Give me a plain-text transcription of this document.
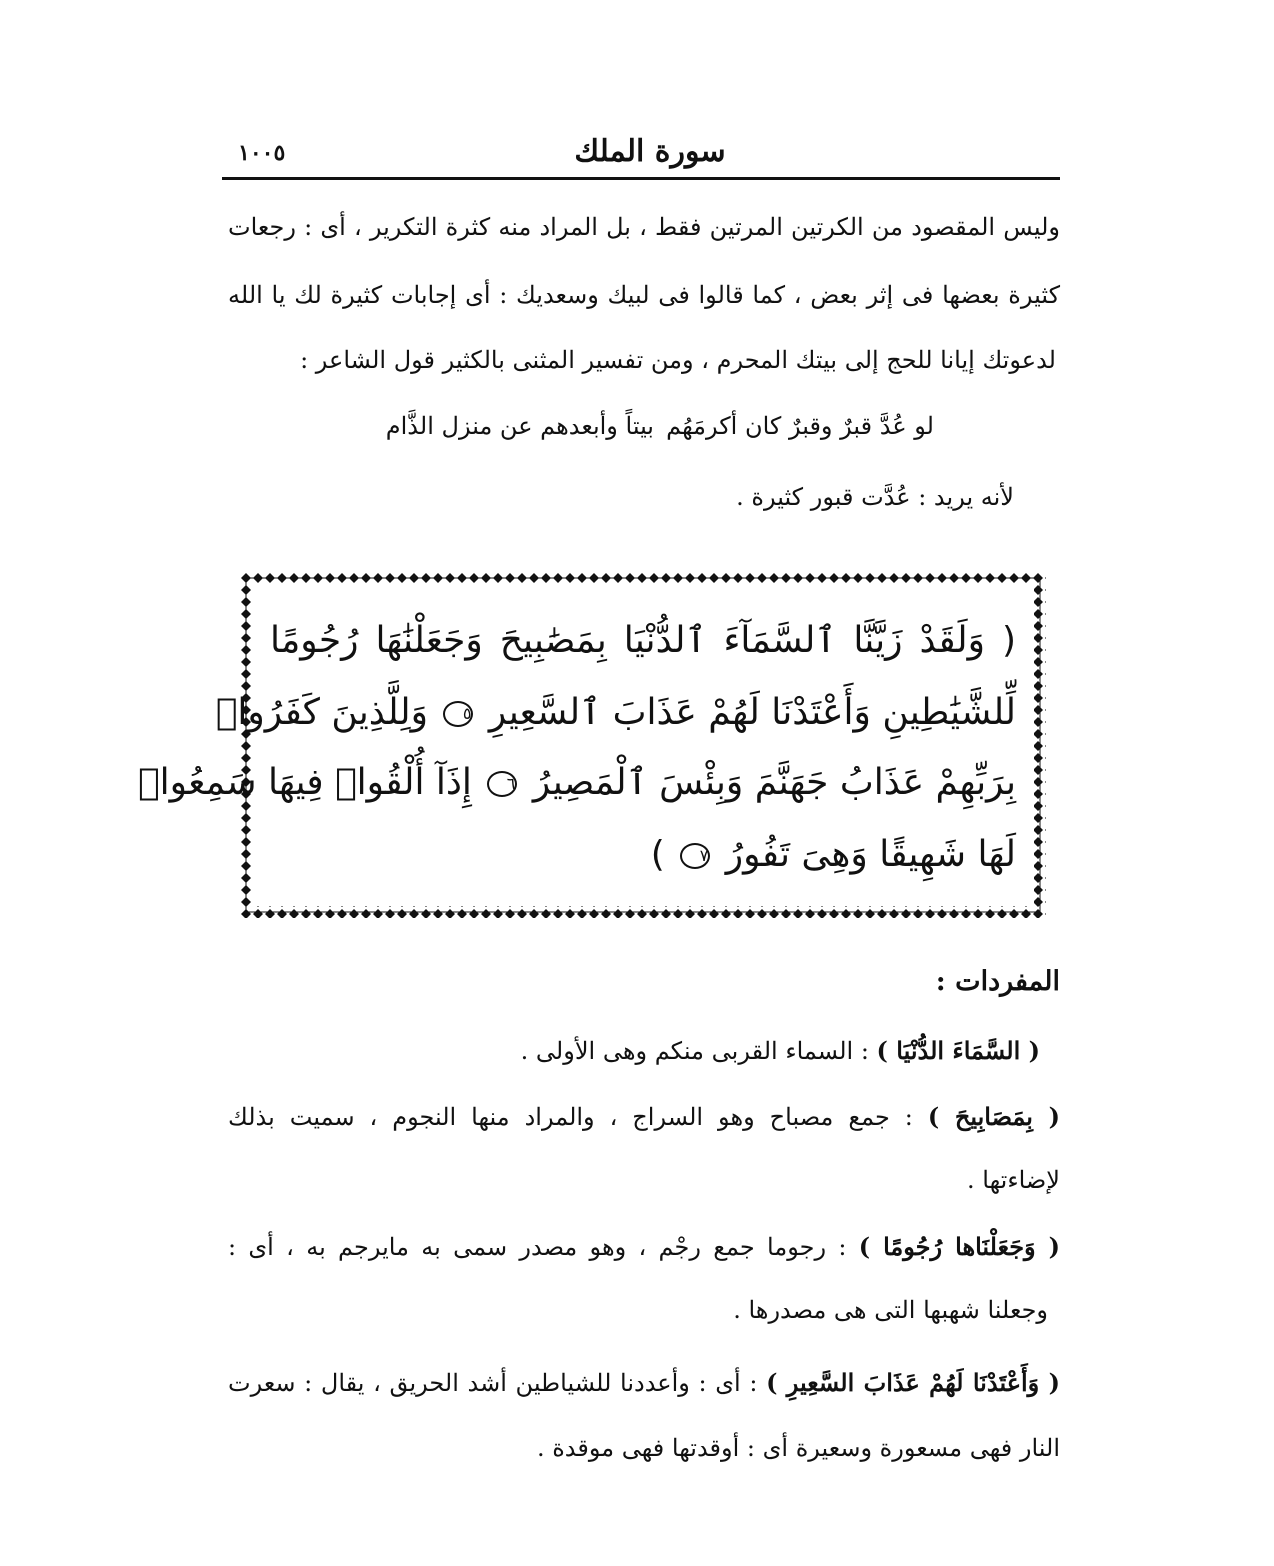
١٠٠٥	سورة الملك
وليس المقصود من الكرتين المرتين فقط ، بل المراد منه كثرة التكرير ، أى : رجعات
كثيرة بعضها فى إثر بعض ، كما قالوا فى لبيك وسعديك : أى إجابات كثيرة لك يا الله
لدعوتك إيانا للحج إلى بيتك المحرم ، ومن تفسير المثنى بالكثير قول الشاعر :
لو عُدَّ قبرٌ وقبرٌ كان أكرمَهُم
بيتاً وأبعدهم عن منزل الذَّام
لأنه يريد : عُدَّت قبور كثيرة .
( وَلَقَدْ زَيَّنَّا ٱلسَّمَآءَ ٱلدُّنْيَا بِمَصَٰبِيحَ وَجَعَلْنَٰهَا رُجُومًا
لِّلشَّيَٰطِينِ وَأَعْتَدْنَا لَهُمْ عَذَابَ ٱلسَّعِيرِ ٥ وَلِلَّذِينَ كَفَرُوا۟
بِرَبِّهِمْ عَذَابُ جَهَنَّمَ وَبِئْسَ ٱلْمَصِيرُ ٦ إِذَآ أُلْقُوا۟ فِيهَا سَمِعُوا۟
لَهَا شَهِيقًا وَهِىَ تَفُورُ ٧ )
المفردات :
( السَّمَاءَ الدُّنْيَا ) : السماء القربى منكم وهى الأولى .
( بِمَصَابِيحَ ) : جمع مصباح وهو السراج ، والمراد منها النجوم ، سميت بذلك
لإضاءتها .
( وَجَعَلْنَاها رُجُومًا ) : رجوما جمع رجْم ، وهو مصدر سمى به مايرجم به ، أى :
وجعلنا شهبها التى هى مصدرها .
( وَأَعْتَدْنَا لَهُمْ عَذَابَ السَّعِيرِ ) : أى : وأعددنا للشياطين أشد الحريق ، يقال : سعرت
النار فهى مسعورة وسعيرة أى : أوقدتها فهى موقدة .
